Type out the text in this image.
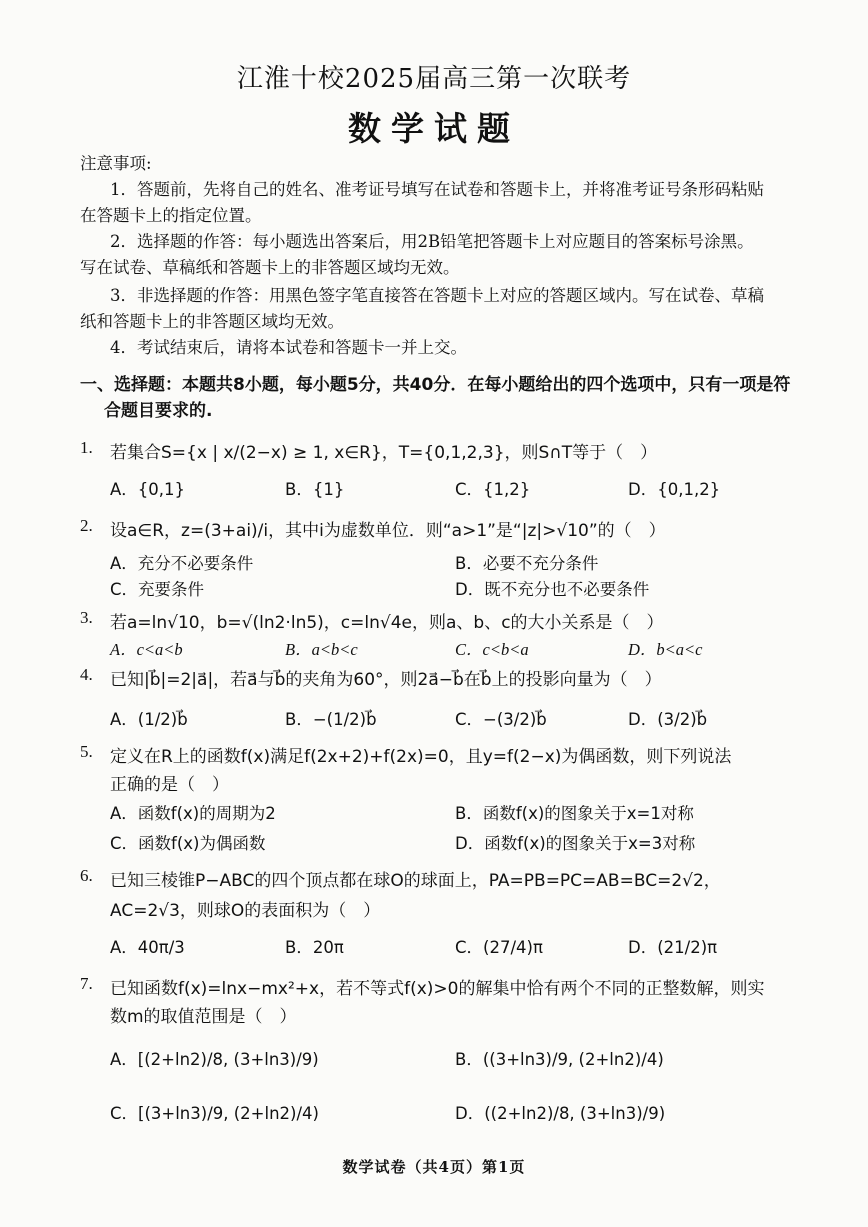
江淮十校2025届高三第一次联考
数学试题
注意事项:
1．答题前，先将自己的姓名、准考证号填写在试卷和答题卡上，并将准考证号条形码粘贴
在答题卡上的指定位置。
2．选择题的作答：每小题选出答案后，用2B铅笔把答题卡上对应题目的答案标号涂黑。
写在试卷、草稿纸和答题卡上的非答题区域均无效。
3．非选择题的作答：用黑色签字笔直接答在答题卡上对应的答题区域内。写在试卷、草稿
纸和答题卡上的非答题区域均无效。
4．考试结束后，请将本试卷和答题卡一并上交。
一、选择题：本题共8小题，每小题5分，共40分．在每小题给出的四个选项中，只有一项是符
合题目要求的.
1. 若集合S={x | x/(2−x) ≥ 1, x∈R}，T={0,1,2,3}，则S∩T等于（　）
A．{0,1}	B．{1}	C．{1,2}	D．{0,1,2}
2. 设a∈R，z=(3+ai)/i，其中i为虚数单位．则“a>1”是“|z|>√10”的（　）
A．充分不必要条件	B．必要不充分条件
C．充要条件	D．既不充分也不必要条件
3. 若a=ln√10，b=√(ln2·ln5)，c=ln√4e，则a、b、c的大小关系是（　）
A．c<a<b	B．a<b<c	C．c<b<a	D．b<a<c
4. 已知|b⃗|=2|a⃗|，若a⃗与b⃗的夹角为60°，则2a⃗−b⃗在b⃗上的投影向量为（　）
A．(1/2)b⃗	B．−(1/2)b⃗	C．−(3/2)b⃗	D．(3/2)b⃗
5. 定义在R上的函数f(x)满足f(2x+2)+f(2x)=0，且y=f(2−x)为偶函数，则下列说法
正确的是（　）
A．函数f(x)的周期为2	B．函数f(x)的图象关于x=1对称
C．函数f(x)为偶函数	D．函数f(x)的图象关于x=3对称
6. 已知三棱锥P−ABC的四个顶点都在球O的球面上，PA=PB=PC=AB=BC=2√2，
AC=2√3，则球O的表面积为（　）
A．40π/3	B．20π	C．(27/4)π	D．(21/2)π
7. 已知函数f(x)=lnx−mx²+x，若不等式f(x)>0的解集中恰有两个不同的正整数解，则实
数m的取值范围是（　）
A．[(2+ln2)/8, (3+ln3)/9)	B．((3+ln3)/9, (2+ln2)/4)
C．[(3+ln3)/9, (2+ln2)/4)	D．((2+ln2)/8, (3+ln3)/9)
数学试卷（共4页）第1页
